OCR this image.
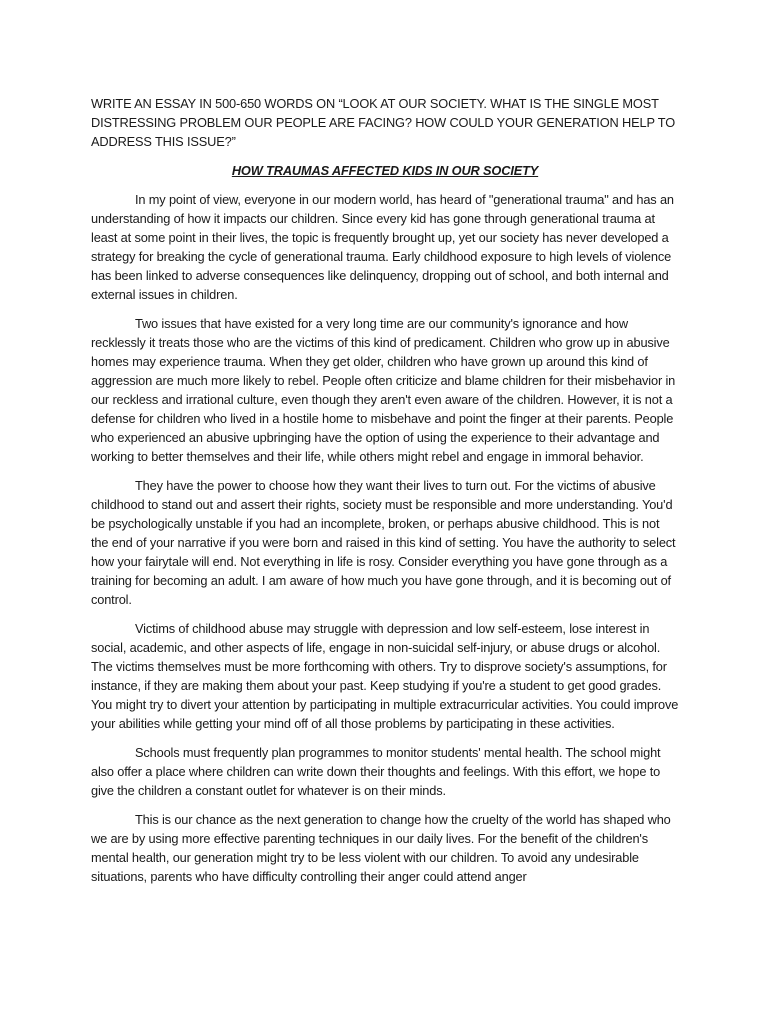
WRITE AN ESSAY IN 500-650 WORDS ON “LOOK AT OUR SOCIETY. WHAT IS THE SINGLE MOST DISTRESSING PROBLEM OUR PEOPLE ARE FACING? HOW COULD YOUR GENERATION HELP TO ADDRESS THIS ISSUE?”

HOW TRAUMAS AFFECTED KIDS IN OUR SOCIETY

In my point of view, everyone in our modern world, has heard of "generational trauma" and has an understanding of how it impacts our children. Since every kid has gone through generational trauma at least at some point in their lives, the topic is frequently brought up, yet our society has never developed a strategy for breaking the cycle of generational trauma. Early childhood exposure to high levels of violence has been linked to adverse consequences like delinquency, dropping out of school, and both internal and external issues in children.

Two issues that have existed for a very long time are our community's ignorance and how recklessly it treats those who are the victims of this kind of predicament. Children who grow up in abusive homes may experience trauma. When they get older, children who have grown up around this kind of aggression are much more likely to rebel. People often criticize and blame children for their misbehavior in our reckless and irrational culture, even though they aren't even aware of the children. However, it is not a defense for children who lived in a hostile home to misbehave and point the finger at their parents. People who experienced an abusive upbringing have the option of using the experience to their advantage and working to better themselves and their life, while others might rebel and engage in immoral behavior.

They have the power to choose how they want their lives to turn out. For the victims of abusive childhood to stand out and assert their rights, society must be responsible and more understanding. You'd be psychologically unstable if you had an incomplete, broken, or perhaps abusive childhood. This is not the end of your narrative if you were born and raised in this kind of setting. You have the authority to select how your fairytale will end. Not everything in life is rosy. Consider everything you have gone through as a training for becoming an adult. I am aware of how much you have gone through, and it is becoming out of control.

Victims of childhood abuse may struggle with depression and low self-esteem, lose interest in social, academic, and other aspects of life, engage in non-suicidal self-injury, or abuse drugs or alcohol. The victims themselves must be more forthcoming with others. Try to disprove society's assumptions, for instance, if they are making them about your past. Keep studying if you're a student to get good grades. You might try to divert your attention by participating in multiple extracurricular activities. You could improve your abilities while getting your mind off of all those problems by participating in these activities.

Schools must frequently plan programmes to monitor students' mental health. The school might also offer a place where children can write down their thoughts and feelings. With this effort, we hope to give the children a constant outlet for whatever is on their minds.

This is our chance as the next generation to change how the cruelty of the world has shaped who we are by using more effective parenting techniques in our daily lives. For the benefit of the children's mental health, our generation might try to be less violent with our children. To avoid any undesirable situations, parents who have difficulty controlling their anger could attend anger
